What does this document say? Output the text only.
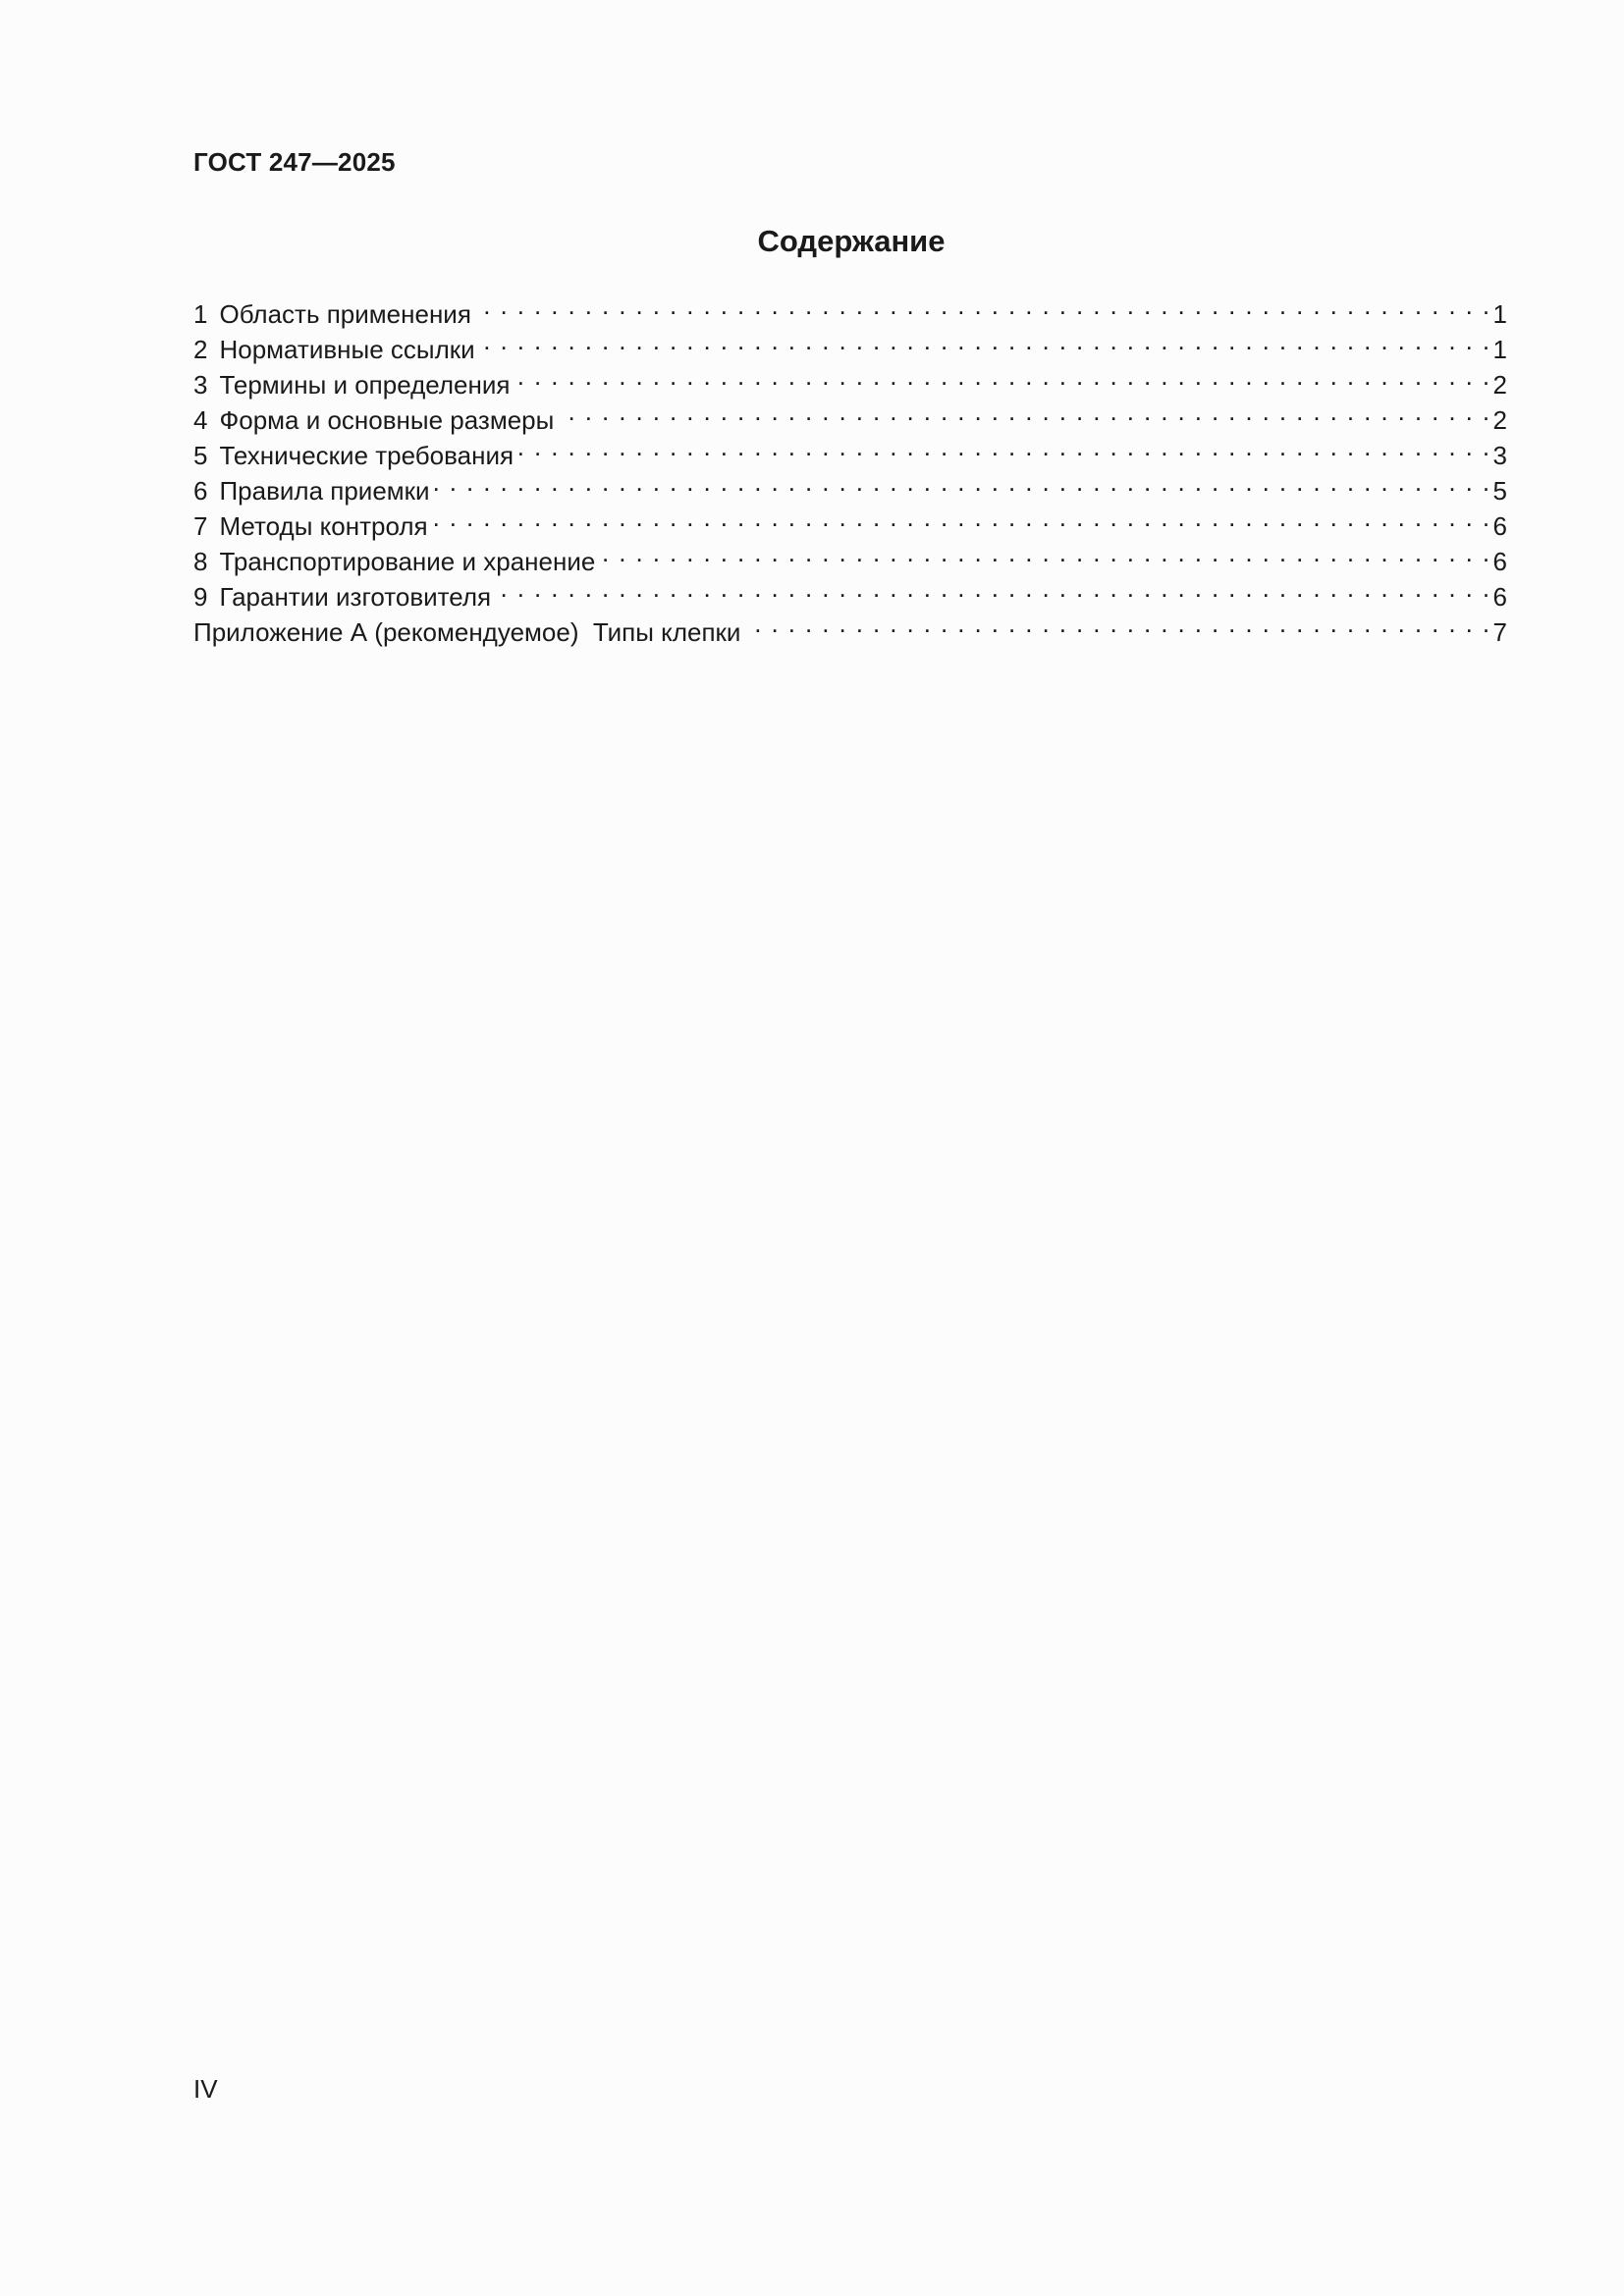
ГОСТ 247—2025
Содержание
1 Область применения . . .	1
2 Нормативные ссылки . . .	1
3 Термины и определения . . .	2
4 Форма и основные размеры . . .	2
5 Технические требования . . .	3
6 Правила приемки . . .	5
7 Методы контроля . . .	6
8 Транспортирование и хранение . . .	6
9 Гарантии изготовителя . . .	6
Приложение А (рекомендуемое)  Типы клепки . . .	7
IV
